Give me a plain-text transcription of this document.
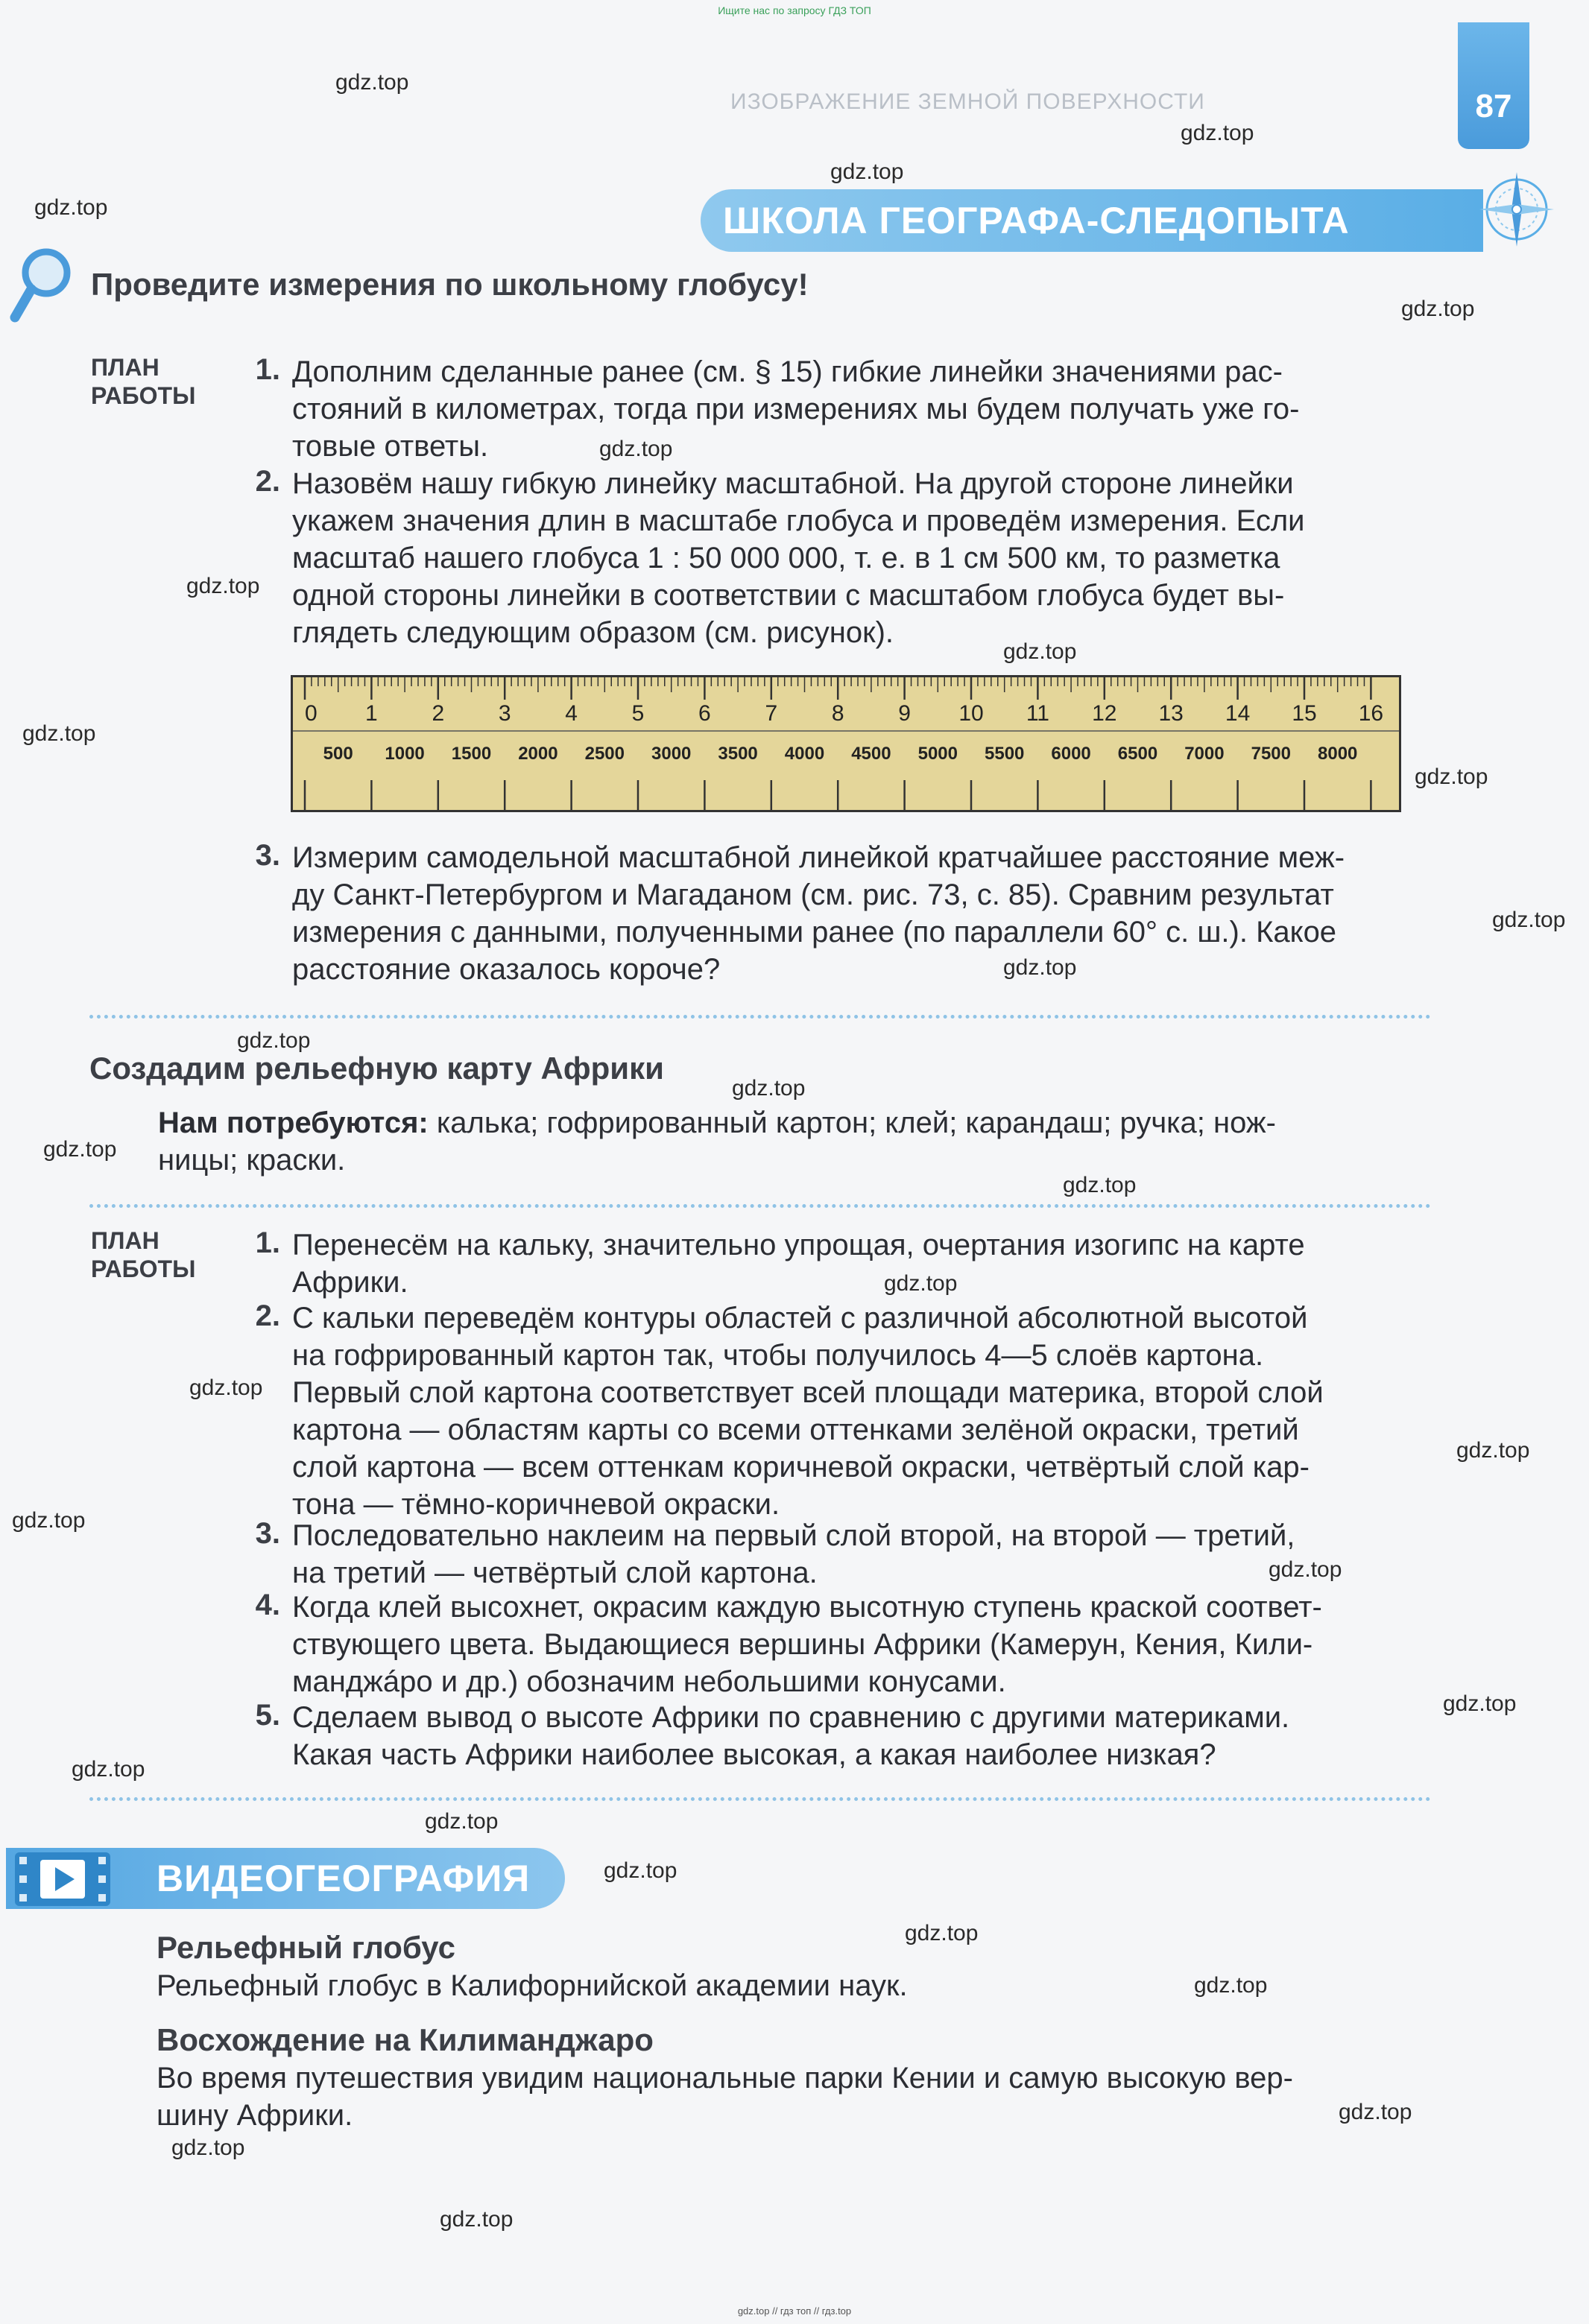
Ищите нас по запросу ГДЗ ТОП
ИЗОБРАЖЕНИЕ ЗЕМНОЙ ПОВЕРХНОСТИ	87
ШКОЛА ГЕОГРАФА-СЛЕДОПЫТА
Проведите измерения по школьному глобусу!
ПЛАН
РАБОТЫ
1. Дополним сделанные ранее (см. § 15) гибкие линейки значениями рас-
стояний в километрах, тогда при измерениях мы будем получать уже го-
товые ответы.
2. Назовём нашу гибкую линейку масштабной. На другой стороне линейки
укажем значения длин в масштабе глобуса и проведём измерения. Если
масштаб нашего глобуса 1 : 50 000 000, т. е. в 1 см 500 км, то разметка
одной стороны линейки в соответствии с масштабом глобуса будет вы-
глядеть следующим образом (см. рисунок).
0 1 2 3 4 5 6 7 8 9 10 11 12 13 14 15 16
500 1000 1500 2000 2500 3000 3500 4000 4500 5000 5500 6000 6500 7000 7500 8000
3. Измерим самодельной масштабной линейкой кратчайшее расстояние меж-
ду Санкт-Петербургом и Магаданом (см. рис. 73, с. 85). Сравним результат
измерения с данными, полученными ранее (по параллели 60° с. ш.). Какое
расстояние оказалось короче?
Создадим рельефную карту Африки
Нам потребуются: калька; гофрированный картон; клей; карандаш; ручка; нож-
ницы; краски.
ПЛАН
РАБОТЫ
1. Перенесём на кальку, значительно упрощая, очертания изогипс на карте
Африки.
2. С кальки переведём контуры областей с различной абсолютной высотой
на гофрированный картон так, чтобы получилось 4—5 слоёв картона.
Первый слой картона соответствует всей площади материка, второй слой
картона — областям карты со всеми оттенками зелёной окраски, третий
слой картона — всем оттенкам коричневой окраски, четвёртый слой кар-
тона — тёмно-коричневой окраски.
3. Последовательно наклеим на первый слой второй, на второй — третий,
на третий — четвёртый слой картона.
4. Когда клей высохнет, окрасим каждую высотную ступень краской соответ-
ствующего цвета. Выдающиеся вершины Африки (Камерун, Кения, Кили-
манджáро и др.) обозначим небольшими конусами.
5. Сделаем вывод о высоте Африки по сравнению с другими материками.
Какая часть Африки наиболее высокая, а какая наиболее низкая?
ВИДЕОГЕОГРАФИЯ
Рельефный глобус
Рельефный глобус в Калифорнийской академии наук.
Восхождение на Килиманджаро
Во время путешествия увидим национальные парки Кении и самую высокую вер-
шину Африки.
gdz.top
gdz.top
gdz.top
gdz.top
gdz.top
gdz.top
gdz.top
gdz.top
gdz.top
gdz.top
gdz.top
gdz.top
gdz.top
gdz.top
gdz.top
gdz.top
gdz.top
gdz.top
gdz.top
gdz.top
gdz.top
gdz.top
gdz.top
gdz.top
gdz.top
gdz.top
gdz.top
gdz.top
gdz.top
gdz.top
gdz.top // гдз топ // гдз.top
